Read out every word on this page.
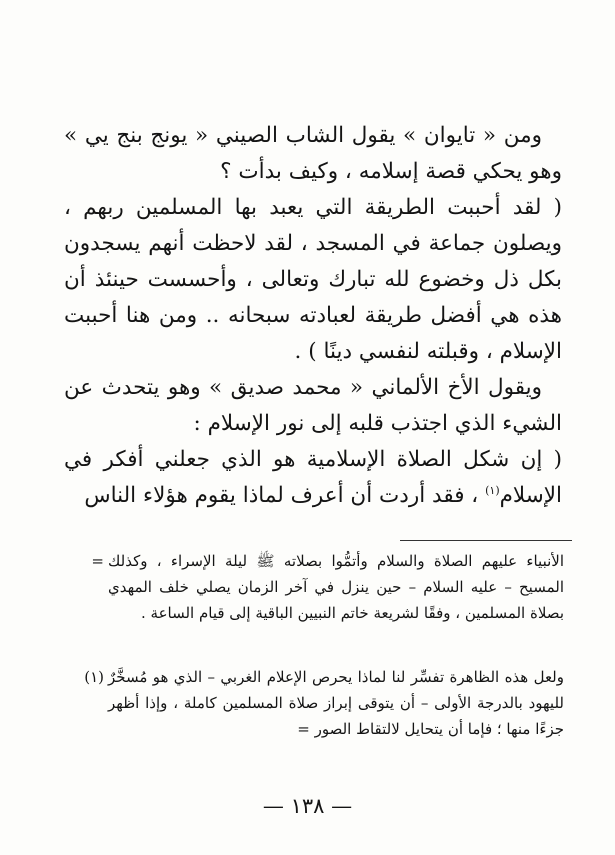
ومن « تايوان » يقول الشاب الصيني « يونج بنج يي » وهو يحكي قصة إسلامه ، وكيف بدأت ؟

( لقد أحببت الطريقة التي يعبد بها المسلمين ربهم ، ويصلون جماعة في المسجد ، لقد لاحظت أنهم يسجدون بكل ذل وخضوع لله تبارك وتعالى ، وأحسست حينئذ أن هذه هي أفضل طريقة لعبادته سبحانه .. ومن هنا أحببت الإسلام ، وقبلته لنفسي دينًا ) .

ويقول الأخ الألماني « محمد صديق » وهو يتحدث عن الشيء الذي اجتذب قلبه إلى نور الإسلام :

( إن شكل الصلاة الإسلامية هو الذي جعلني أفكر في الإسلام$^{(١)}$ ، فقد أردت أن أعرف لماذا يقوم هؤلاء الناس

الأنبياء عليهم الصلاة والسلام وأتمُّوا بصلاته ﷺ ليلة الإسراء ، وكذلك المسيح – عليه السلام – حين ينزل في آخر الزمان يصلي خلف المهدي بصلاة المسلمين ، وفقًا لشريعة خاتم النبيين الباقية إلى قيام الساعة .
=
ولعل هذه الظاهرة تفسِّر لنا لماذا يحرص الإعلام الغربي – الذي هو مُسخَّرٌ لليهود بالدرجة الأولى – أن يتوقى إبراز صلاة المسلمين كاملة ، وإذا أظهر جزءًا منها ؛ فإما أن يتحايل لالتقاط الصور =
(١)
— ١٣٨ —
